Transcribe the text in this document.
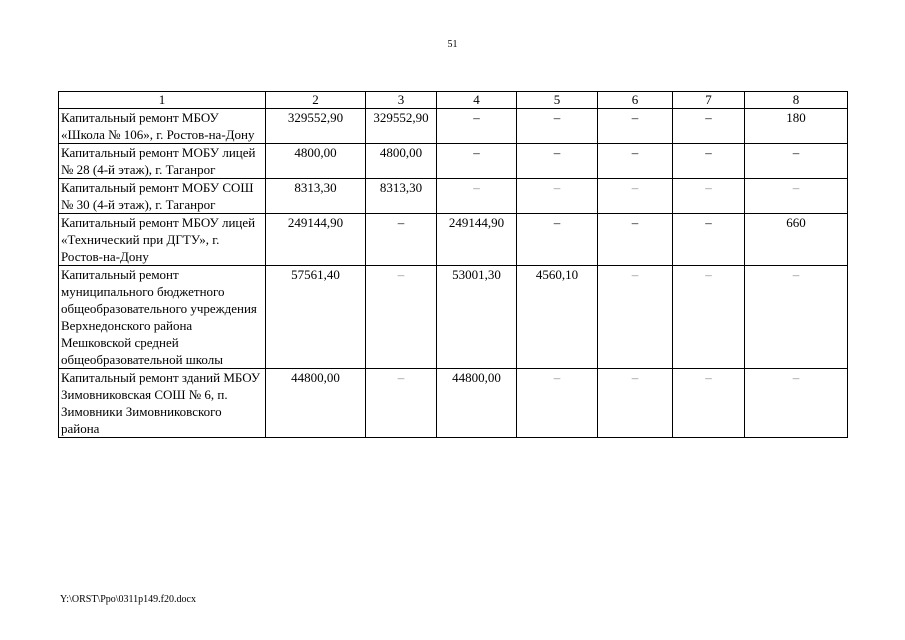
51
1	2	3	4	5	6	7	8
Капитальный ремонт МБОУ «Школа № 106», г. Ростов-на-Дону	329552,90	329552,90	–	–	–	–	180
Капитальный ремонт МОБУ лицей № 28 (4-й этаж), г. Таганрог	4800,00	4800,00	–	–	–	–	–
Капитальный ремонт МОБУ СОШ № 30 (4-й этаж), г. Таганрог	8313,30	8313,30	–	–	–	–	–
Капитальный ремонт МБОУ лицей «Технический при ДГТУ», г. Ростов-на-Дону	249144,90	–	249144,90	–	–	–	660
Капитальный ремонт муниципального бюджетного общеобразовательного учреждения Верхнедонского района Мешковской средней общеобразовательной школы	57561,40	–	53001,30	4560,10	–	–	–
Капитальный ремонт зданий МБОУ Зимовниковская СОШ № 6, п. Зимовники Зимовниковского района	44800,00	–	44800,00	–	–	–	–
Y:\ORST\Ppo\0311p149.f20.docx
